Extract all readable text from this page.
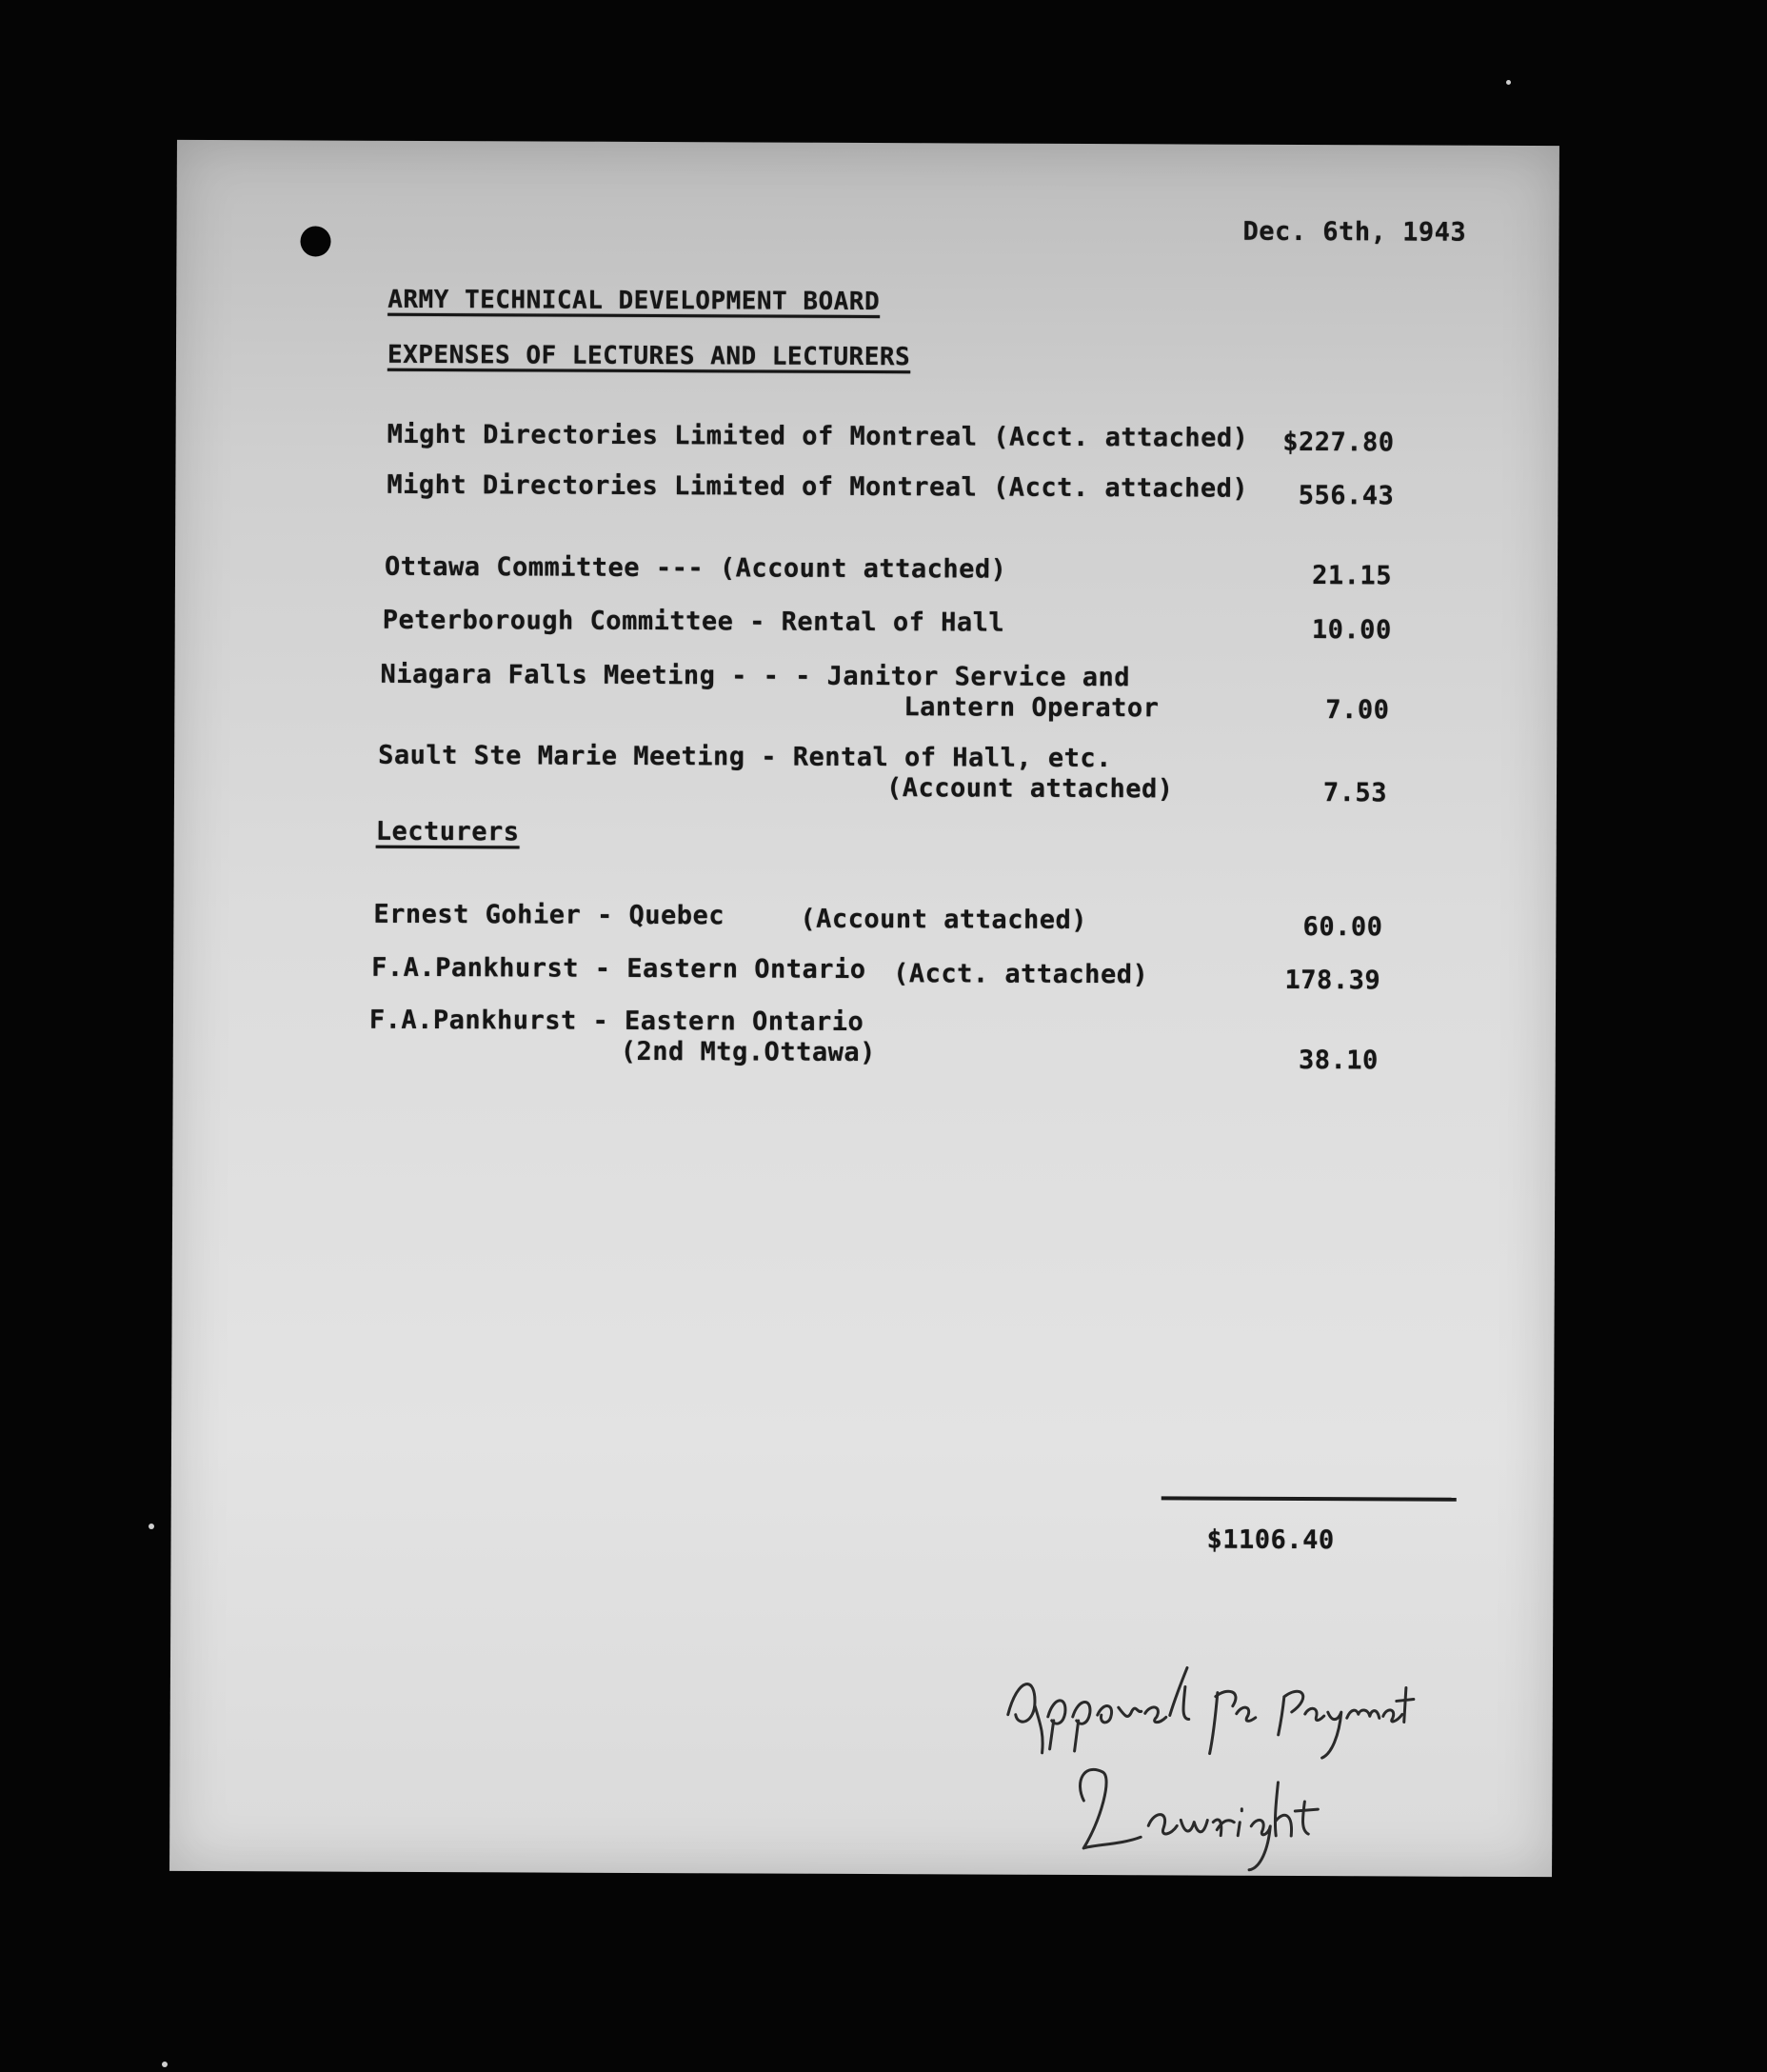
Dec. 6th, 1943
ARMY TECHNICAL DEVELOPMENT BOARD
EXPENSES OF LECTURES AND LECTURERS
Might Directories Limited of Montreal (Acct. attached)	$227.80
Might Directories Limited of Montreal (Acct. attached)	556.43
Ottawa Committee --- (Account attached)	21.15
Peterborough Committee - Rental of Hall	10.00
Niagara Falls Meeting - - - Janitor Service and
Lantern Operator	7.00
Sault Ste Marie Meeting - Rental of Hall, etc.
(Account attached)	7.53
Lecturers
Ernest Gohier - Quebec	(Account attached)	60.00
F.A.Pankhurst - Eastern Ontario (Acct. attached)	178.39
F.A.Pankhurst - Eastern Ontario
(2nd Mtg.Ottawa)	38.10
$1106.40
